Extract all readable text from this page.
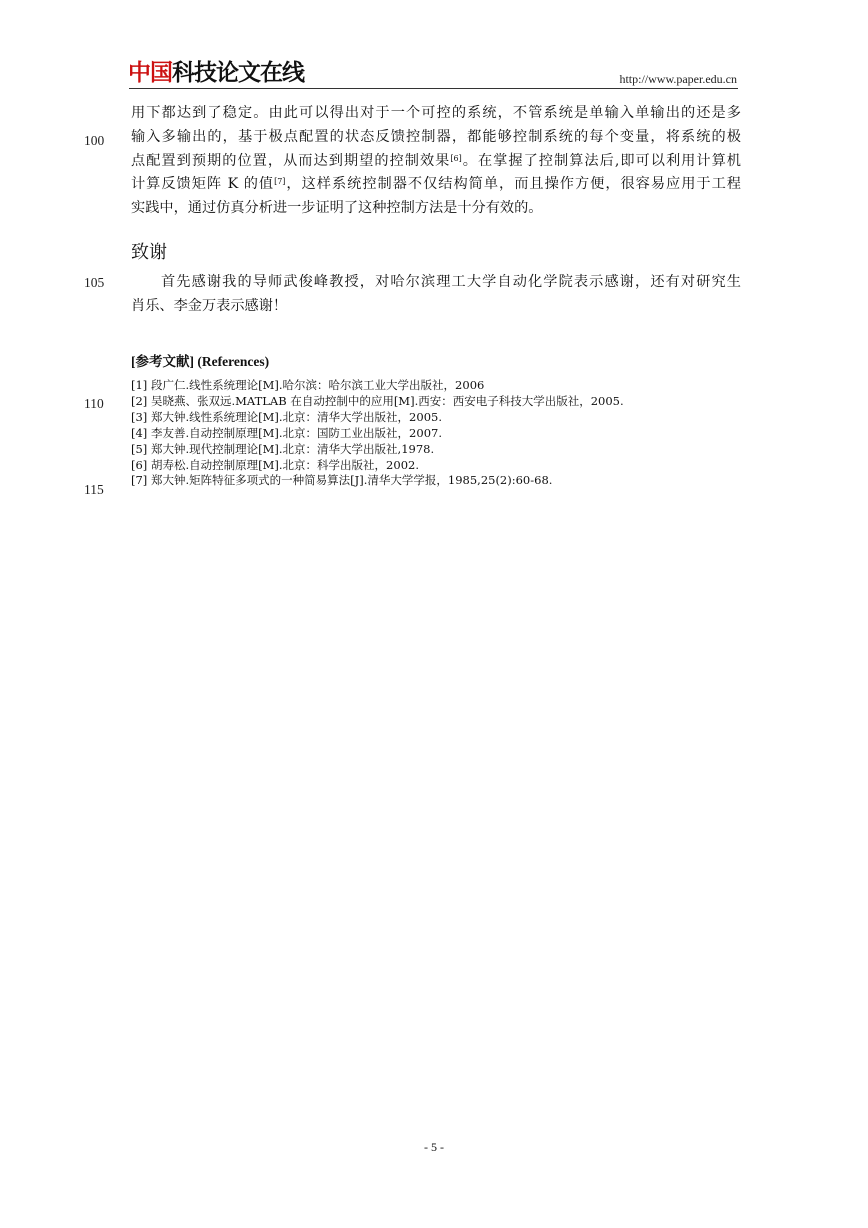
中国科技论文在线	http://www.paper.edu.cn
100
105
110
115
用下都达到了稳定。由此可以得出对于一个可控的系统，不管系统是单输入单输出的还是多
输入多输出的，基于极点配置的状态反馈控制器，都能够控制系统的每个变量，将系统的极
点配置到预期的位置，从而达到期望的控制效果[6]。在掌握了控制算法后,即可以利用计算机
计算反馈矩阵 K 的值[7]，这样系统控制器不仅结构简单，而且操作方便，很容易应用于工程
实践中，通过仿真分析进一步证明了这种控制方法是十分有效的。
致谢
首先感谢我的导师武俊峰教授，对哈尔滨理工大学自动化学院表示感谢，还有对研究生
肖乐、李金万表示感谢！
[参考文献] (References)
[1] 段广仁.线性系统理论[M].哈尔滨：哈尔滨工业大学出版社，2006
[2] 吴晓燕、张双远.MATLAB 在自动控制中的应用[M].西安：西安电子科技大学出版社，2005.
[3] 郑大钟.线性系统理论[M].北京：清华大学出版社，2005.
[4] 李友善.自动控制原理[M].北京：国防工业出版社，2007.
[5] 郑大钟.现代控制理论[M].北京：清华大学出版社,1978.
[6] 胡寿松.自动控制原理[M].北京：科学出版社，2002.
[7] 郑大钟.矩阵特征多项式的一种简易算法[J].清华大学学报，1985,25(2):60-68.
- 5 -
